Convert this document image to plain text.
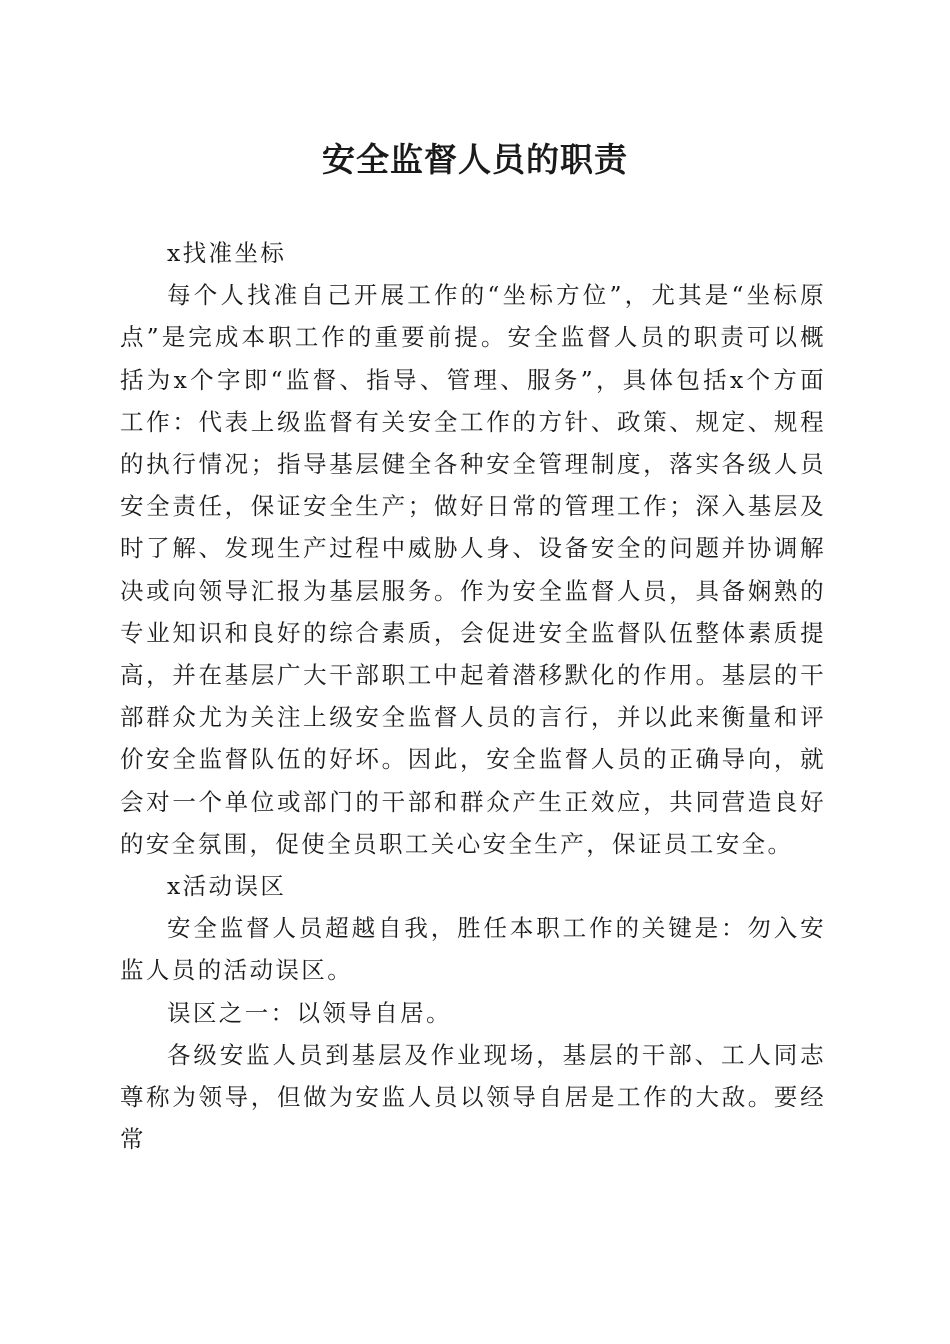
安全监督人员的职责

x找准坐标

每个人找准自己开展工作的“坐标方位”，尤其是“坐标原点”是完成本职工作的重要前提。安全监督人员的职责可以概括为x个字即“监督、指导、管理、服务”，具体包括x个方面工作：代表上级监督有关安全工作的方针、政策、规定、规程的执行情况；指导基层健全各种安全管理制度，落实各级人员安全责任，保证安全生产；做好日常的管理工作；深入基层及时了解、发现生产过程中威胁人身、设备安全的问题并协调解决或向领导汇报为基层服务。作为安全监督人员，具备娴熟的专业知识和良好的综合素质，会促进安全监督队伍整体素质提高，并在基层广大干部职工中起着潜移默化的作用。基层的干部群众尤为关注上级安全监督人员的言行，并以此来衡量和评价安全监督队伍的好坏。因此，安全监督人员的正确导向，就会对一个单位或部门的干部和群众产生正效应，共同营造良好的安全氛围，促使全员职工关心安全生产，保证员工安全。

x活动误区

安全监督人员超越自我，胜任本职工作的关键是：勿入安监人员的活动误区。

误区之一：以领导自居。

各级安监人员到基层及作业现场，基层的干部、工人同志尊称为领导，但做为安监人员以领导自居是工作的大敌。要经常
